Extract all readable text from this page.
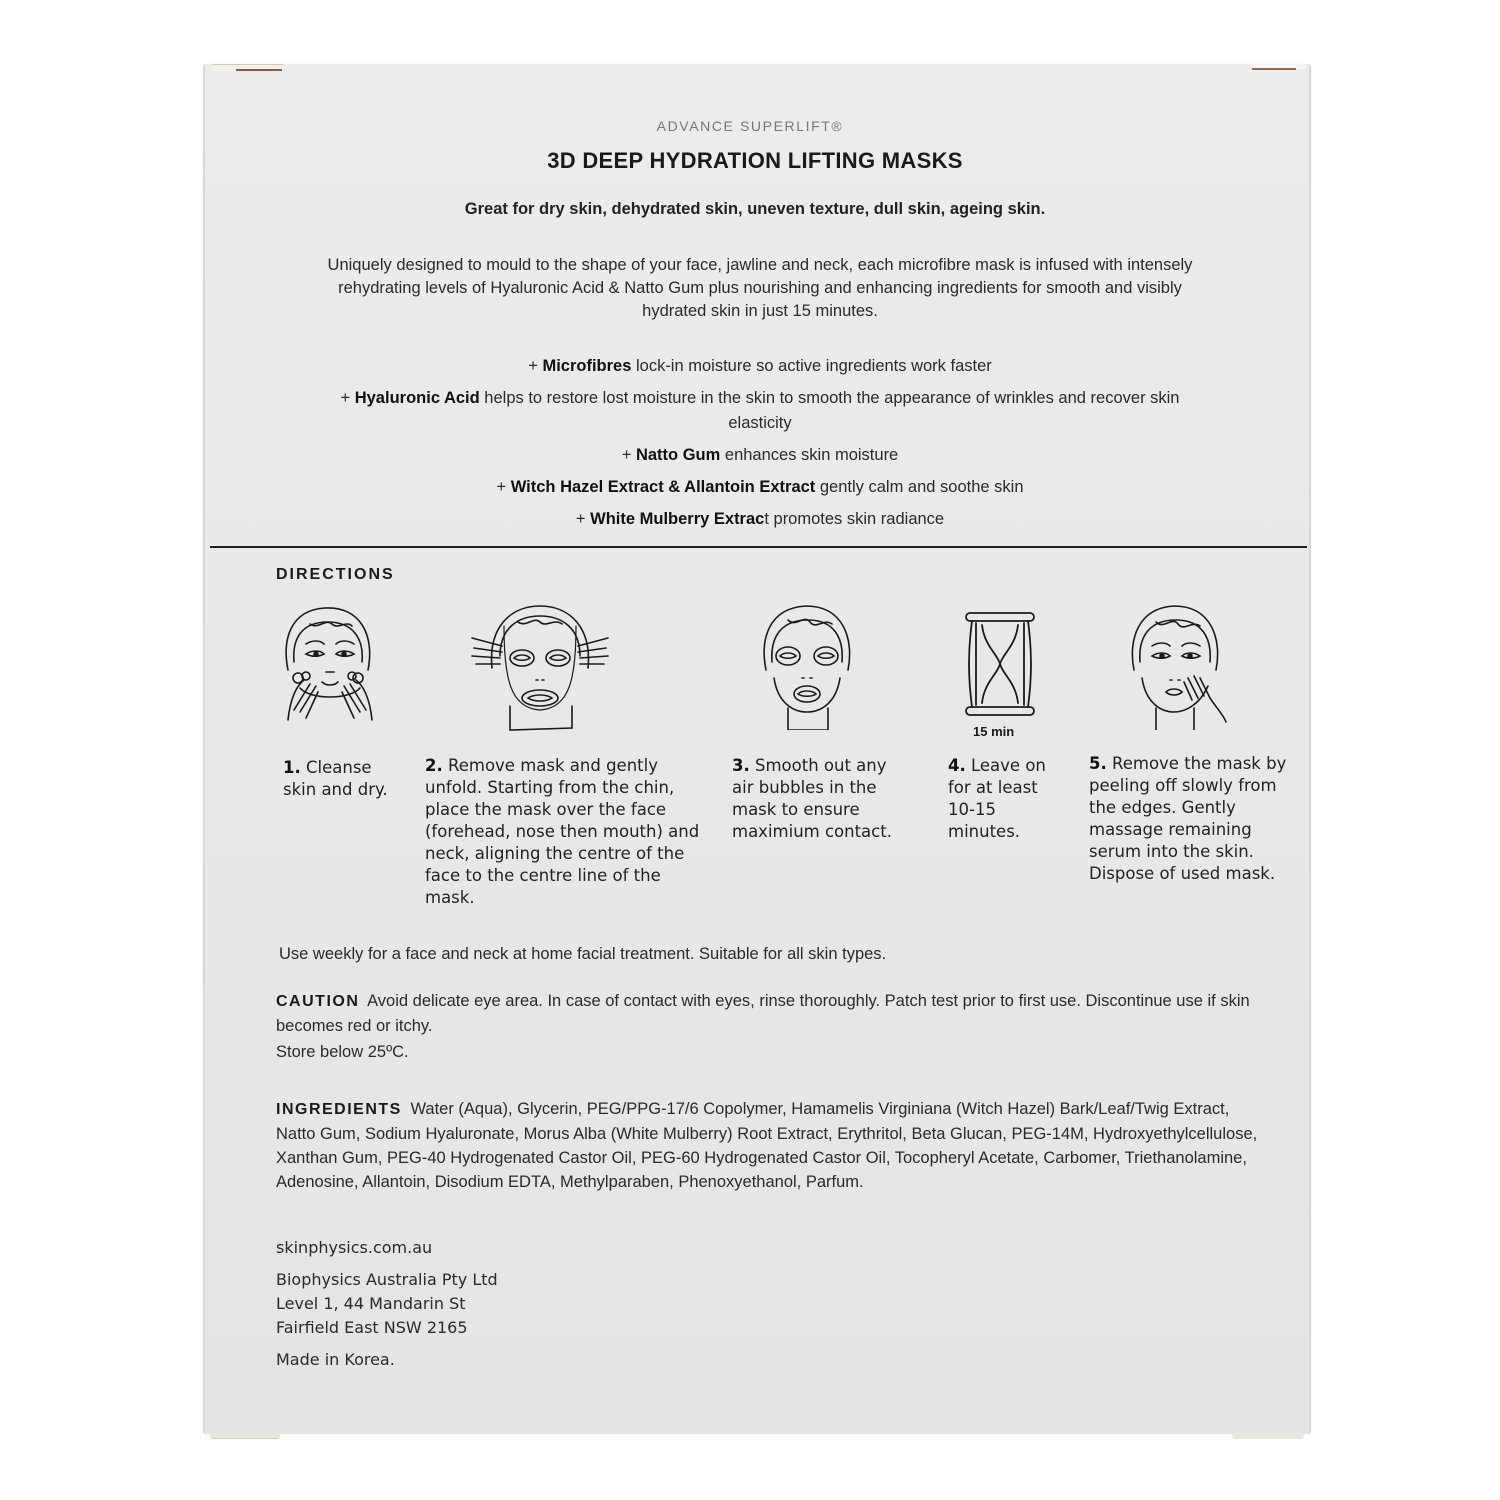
ADVANCE SUPERLIFT®
3D DEEP HYDRATION LIFTING MASKS
Great for dry skin, dehydrated skin, uneven texture, dull skin, ageing skin.
Uniquely designed to mould to the shape of your face, jawline and neck, each microfibre mask is infused with intensely rehydrating levels of Hyaluronic Acid & Natto Gum plus nourishing and enhancing ingredients for smooth and visibly hydrated skin in just 15 minutes.
+ Microfibres lock-in moisture so active ingredients work faster
+ Hyaluronic Acid helps to restore lost moisture in the skin to smooth the appearance of wrinkles and recover skin elasticity
+ Natto Gum enhances skin moisture
+ Witch Hazel Extract & Allantoin Extract gently calm and soothe skin
+ White Mulberry Extract promotes skin radiance
DIRECTIONS
15 min
1. Cleanse skin and dry.
2. Remove mask and gently unfold. Starting from the chin, place the mask over the face (forehead, nose then mouth) and neck, aligning the centre of the face to the centre line of the mask.
3. Smooth out any air bubbles in the mask to ensure maximium contact.
4. Leave on for at least 10-15 minutes.
5. Remove the mask by peeling off slowly from the edges. Gently massage remaining serum into the skin. Dispose of used mask.
Use weekly for a face and neck at home facial treatment. Suitable for all skin types.
CAUTION Avoid delicate eye area. In case of contact with eyes, rinse thoroughly. Patch test prior to first use. Discontinue use if skin becomes red or itchy.
Store below 25ºC.
INGREDIENTS Water (Aqua), Glycerin, PEG/PPG-17/6 Copolymer, Hamamelis Virginiana (Witch Hazel) Bark/Leaf/Twig Extract, Natto Gum, Sodium Hyaluronate, Morus Alba (White Mulberry) Root Extract, Erythritol, Beta Glucan, PEG-14M, Hydroxyethylcellulose, Xanthan Gum, PEG-40 Hydrogenated Castor Oil, PEG-60 Hydrogenated Castor Oil, Tocopheryl Acetate, Carbomer, Triethanolamine, Adenosine, Allantoin, Disodium EDTA, Methylparaben, Phenoxyethanol, Parfum.
skinphysics.com.au
Biophysics Australia Pty Ltd
Level 1, 44 Mandarin St
Fairfield East NSW 2165
Made in Korea.
